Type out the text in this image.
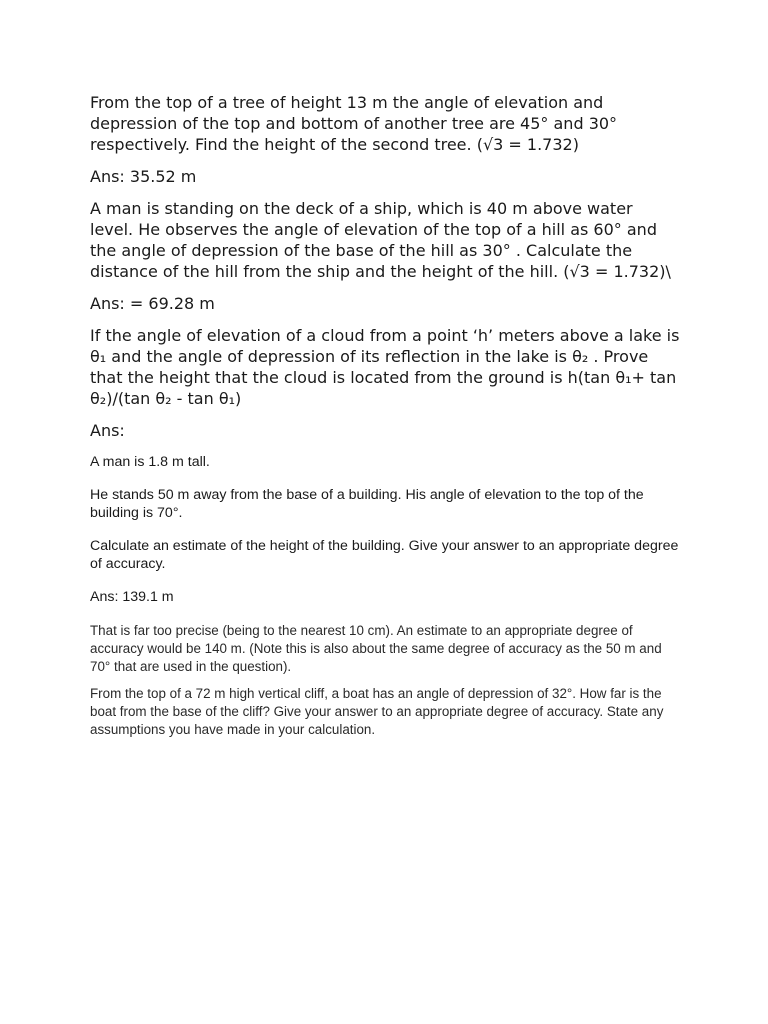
From the top of a tree of height 13 m the angle of elevation and depression of the top and bottom of another tree are 45° and 30° respectively. Find the height of the second tree. (√3 = 1.732)

Ans: 35.52 m

A man is standing on the deck of a ship, which is 40 m above water level. He observes the angle of elevation of the top of a hill as 60° and the angle of depression of the base of the hill as 30° . Calculate the distance of the hill from the ship and the height of the hill. (√3 = 1.732)\

Ans: = 69.28 m

If the angle of elevation of a cloud from a point ‘h’ meters above a lake is θ₁ and the angle of depression of its reflection in the lake is θ₂ . Prove that the height that the cloud is located from the ground is h(tan θ₁+ tan θ₂)/(tan θ₂ - tan θ₁)

Ans:

A man is 1.8 m tall.

He stands 50 m away from the base of a building. His angle of elevation to the top of the building is 70°.

Calculate an estimate of the height of the building. Give your answer to an appropriate degree of accuracy.

Ans: 139.1 m

That is far too precise (being to the nearest 10 cm). An estimate to an appropriate degree of accuracy would be 140 m. (Note this is also about the same degree of accuracy as the 50 m and 70° that are used in the question).

From the top of a 72 m high vertical cliff, a boat has an angle of depression of 32°. How far is the boat from the base of the cliff? Give your answer to an appropriate degree of accuracy. State any assumptions you have made in your calculation.
